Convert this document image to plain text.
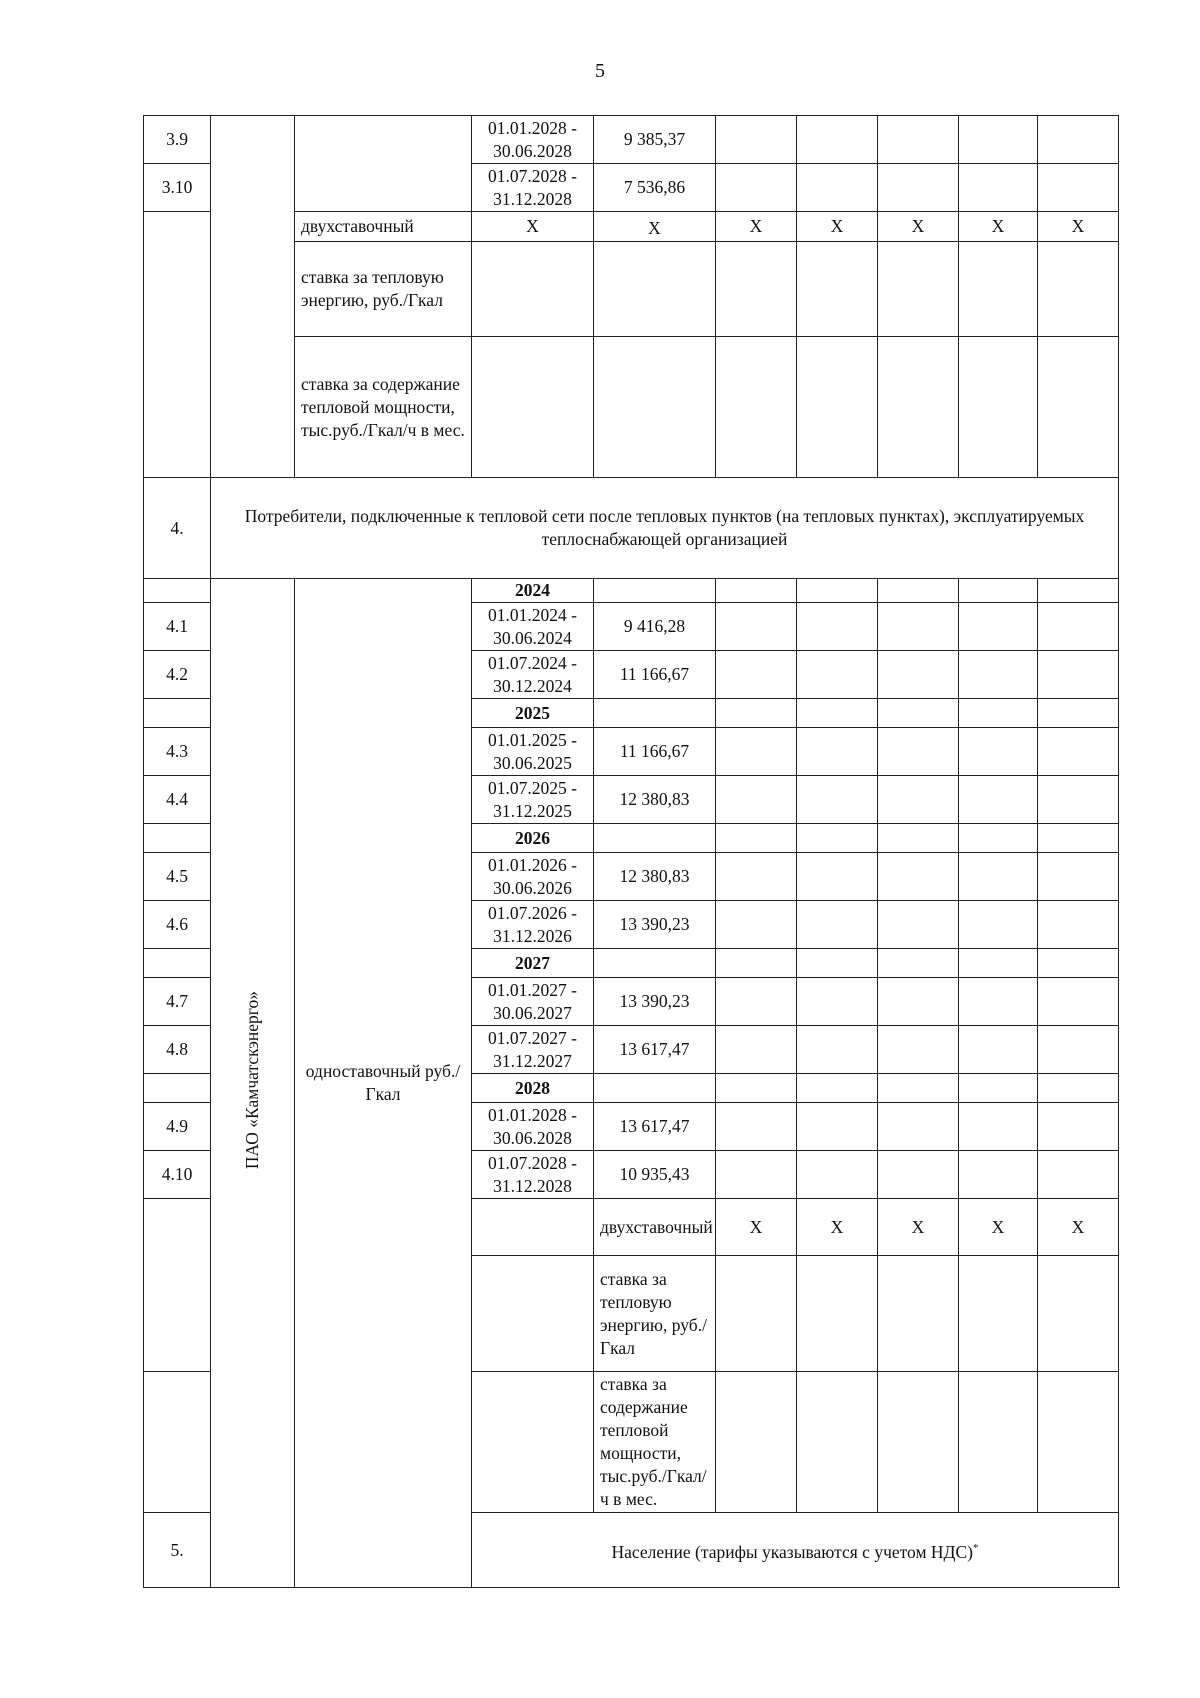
5
3.9			01.01.2028 - 30.06.2028	9 385,37						
3.10			01.07.2028 - 31.12.2028	7 536,86						
		двухставочный	Х	Х	Х	Х	Х	Х	Х	
		ставка за тепловую энергию, руб./Гкал								
		ставка за содержание тепловой мощности, тыс.руб./Гкал/ч в мес.								
4.	Потребители, подключенные к тепловой сети после тепловых пунктов (на тепловых пунктах), эксплуатируемых теплоснабжающей организацией									
	ПАО «Камчатскэнерго»	одноставочный руб./Гкал	2024							
4.1			01.01.2024 - 30.06.2024	9 416,28						
4.2			01.07.2024 - 30.12.2024	11 166,67						
			2025							
4.3			01.01.2025 - 30.06.2025	11 166,67						
4.4			01.07.2025 - 31.12.2025	12 380,83						
			2026							
4.5			01.01.2026 - 30.06.2026	12 380,83						
4.6			01.07.2026 - 31.12.2026	13 390,23						
			2027							
4.7			01.01.2027 - 30.06.2027	13 390,23						
4.8			01.07.2027 - 31.12.2027	13 617,47						
			2028							
4.9			01.01.2028 - 30.06.2028	13 617,47						
4.10			01.07.2028 - 31.12.2028	10 935,43						
				двухставочный	Х	Х	Х	Х	Х		
				ставка за тепловую энергию, руб./Гкал							
				ставка за содержание тепловой мощности, тыс.руб./Гкал/ч в мес.							
5.			Население (тарифы указываются с учетом НДС)*
